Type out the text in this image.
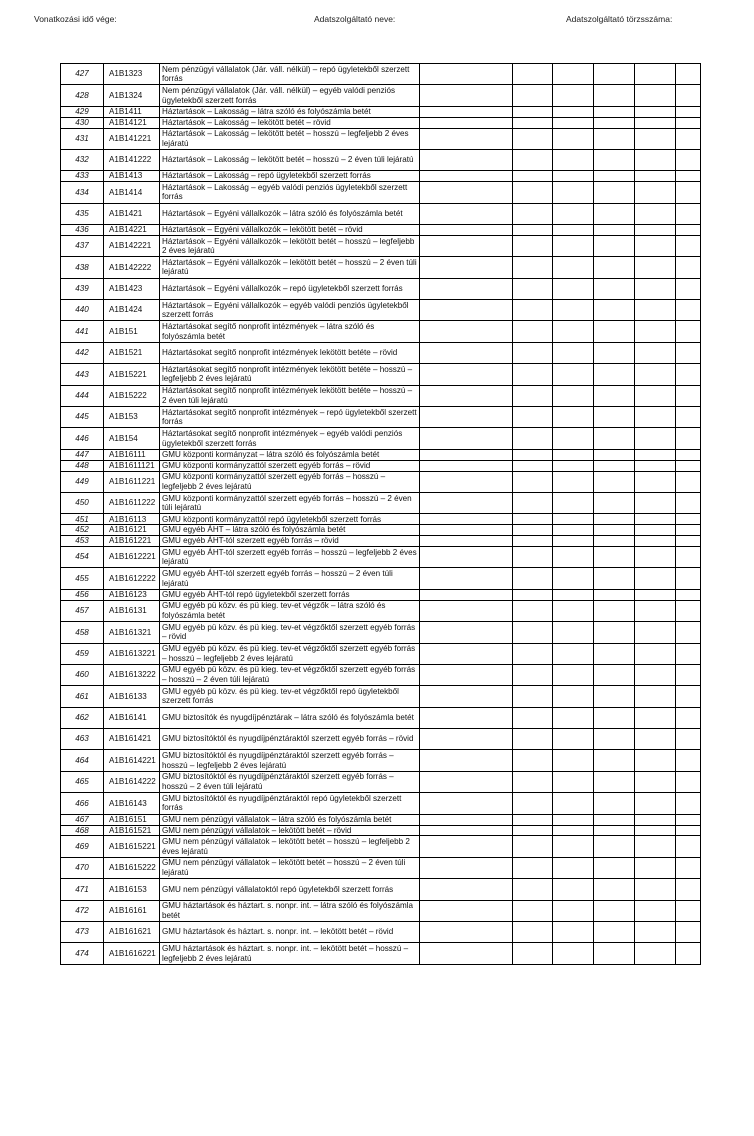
Vonatkozási idő vége:	Adatszolgáltató neve:	Adatszolgáltató törzsszáma:
427	A1B1323	Nem pénzügyi vállalatok (Jár. váll. nélkül) – repó ügyletekből szerzett forrás						
428	A1B1324	Nem pénzügyi vállalatok (Jár. váll. nélkül) – egyéb valódi penziós ügyletekből szerzett forrás						
429	A1B1411	Háztartások – Lakosság – látra szóló és folyószámla betét						
430	A1B14121	Háztartások – Lakosság – lekötött betét – rövid						
431	A1B141221	Háztartások – Lakosság – lekötött betét – hosszú – legfeljebb 2 éves lejáratú						
432	A1B141222	Háztartások – Lakosság – lekötött betét – hosszú – 2 éven túli lejáratú						
433	A1B1413	Háztartások – Lakosság – repó ügyletekből szerzett forrás						
434	A1B1414	Háztartások – Lakosság – egyéb valódi penziós ügyletekből szerzett forrás						
435	A1B1421	Háztartások – Egyéni vállalkozók – látra szóló és folyószámla betét						
436	A1B14221	Háztartások – Egyéni vállalkozók – lekötött betét – rövid						
437	A1B142221	Háztartások – Egyéni vállalkozók – lekötött betét – hosszú – legfeljebb 2 éves lejáratú						
438	A1B142222	Háztartások – Egyéni vállalkozók – lekötött betét – hosszú – 2 éven túli lejáratú						
439	A1B1423	Háztartások – Egyéni vállalkozók – repó ügyletekből szerzett forrás						
440	A1B1424	Háztartások – Egyéni vállalkozók – egyéb valódi penziós ügyletekből szerzett forrás						
441	A1B151	Háztartásokat segítő nonprofit intézmények – látra szóló és folyószámla betét						
442	A1B1521	Háztartásokat segítő nonprofit intézmények lekötött betéte – rövid						
443	A1B15221	Háztartásokat segítő nonprofit intézmények lekötött betéte – hosszú – legfeljebb 2 éves lejáratú						
444	A1B15222	Háztartásokat segítő nonprofit intézmények lekötött betéte – hosszú – 2 éven túli lejáratú						
445	A1B153	Háztartásokat segítő nonprofit intézmények – repó ügyletekből szerzett forrás						
446	A1B154	Háztartásokat segítő nonprofit intézmények – egyéb valódi penziós ügyletekből szerzett forrás						
447	A1B16111	GMU központi kormányzat – látra szóló és folyószámla betét						
448	A1B1611121	GMU központi kormányzattól szerzett egyéb forrás – rövid						
449	A1B1611221	GMU központi kormányzattól szerzett egyéb forrás – hosszú – legfeljebb 2 éves lejáratú						
450	A1B1611222	GMU központi kormányzattól szerzett egyéb forrás – hosszú – 2 éven túli lejáratú						
451	A1B16113	GMU központi kormányzattól repó ügyletekből szerzett forrás						
452	A1B16121	GMU egyéb ÁHT – látra szóló és folyószámla betét						
453	A1B161221	GMU egyéb ÁHT-tól szerzett egyéb forrás – rövid						
454	A1B1612221	GMU egyéb ÁHT-tól szerzett egyéb forrás – hosszú – legfeljebb 2 éves lejáratú						
455	A1B1612222	GMU egyéb ÁHT-tól szerzett egyéb forrás – hosszú – 2 éven túli lejáratú						
456	A1B16123	GMU egyéb ÁHT-tól repó ügyletekből szerzett forrás						
457	A1B16131	GMU egyéb pü közv. és pü kieg. tev-et végzők – látra szóló és folyószámla betét						
458	A1B161321	GMU egyéb pü közv. és pü kieg. tev-et végzőktől szerzett egyéb forrás – rövid						
459	A1B1613221	GMU egyéb pü közv. és pü kieg. tev-et végzőktől szerzett egyéb forrás – hosszú – legfeljebb 2 éves lejáratú						
460	A1B1613222	GMU egyéb pü közv. és pü kieg. tev-et végzőktől szerzett egyéb forrás – hosszú – 2 éven túli lejáratú						
461	A1B16133	GMU egyéb pü közv. és pü kieg. tev-et végzőktől repó ügyletekből szerzett forrás						
462	A1B16141	GMU biztosítók és nyugdíjpénztárak – látra szóló és folyószámla betét						
463	A1B161421	GMU biztosítóktól és nyugdíjpénztáraktól szerzett egyéb forrás – rövid						
464	A1B1614221	GMU biztosítóktól és nyugdíjpénztáraktól szerzett egyéb forrás – hosszú – legfeljebb 2 éves lejáratú						
465	A1B1614222	GMU biztosítóktól és nyugdíjpénztáraktól szerzett egyéb forrás – hosszú – 2 éven túli lejáratú						
466	A1B16143	GMU biztosítóktól és nyugdíjpénztáraktól repó ügyletekből szerzett forrás						
467	A1B16151	GMU nem pénzügyi vállalatok – látra szóló és folyószámla betét						
468	A1B161521	GMU nem pénzügyi vállalatok – lekötött betét – rövid						
469	A1B1615221	GMU nem pénzügyi vállalatok – lekötött betét – hosszú – legfeljebb 2 éves lejáratú						
470	A1B1615222	GMU nem pénzügyi vállalatok – lekötött betét – hosszú – 2 éven túli lejáratú						
471	A1B16153	GMU nem pénzügyi vállalatoktól repó ügyletekből szerzett forrás						
472	A1B16161	GMU háztartások és háztart. s. nonpr. int. – látra szóló és folyószámla betét						
473	A1B161621	GMU háztartások és háztart. s. nonpr. int. – lekötött betét – rövid						
474	A1B1616221	GMU háztartások és háztart. s. nonpr. int. – lekötött betét – hosszú – legfeljebb 2 éves lejáratú						
